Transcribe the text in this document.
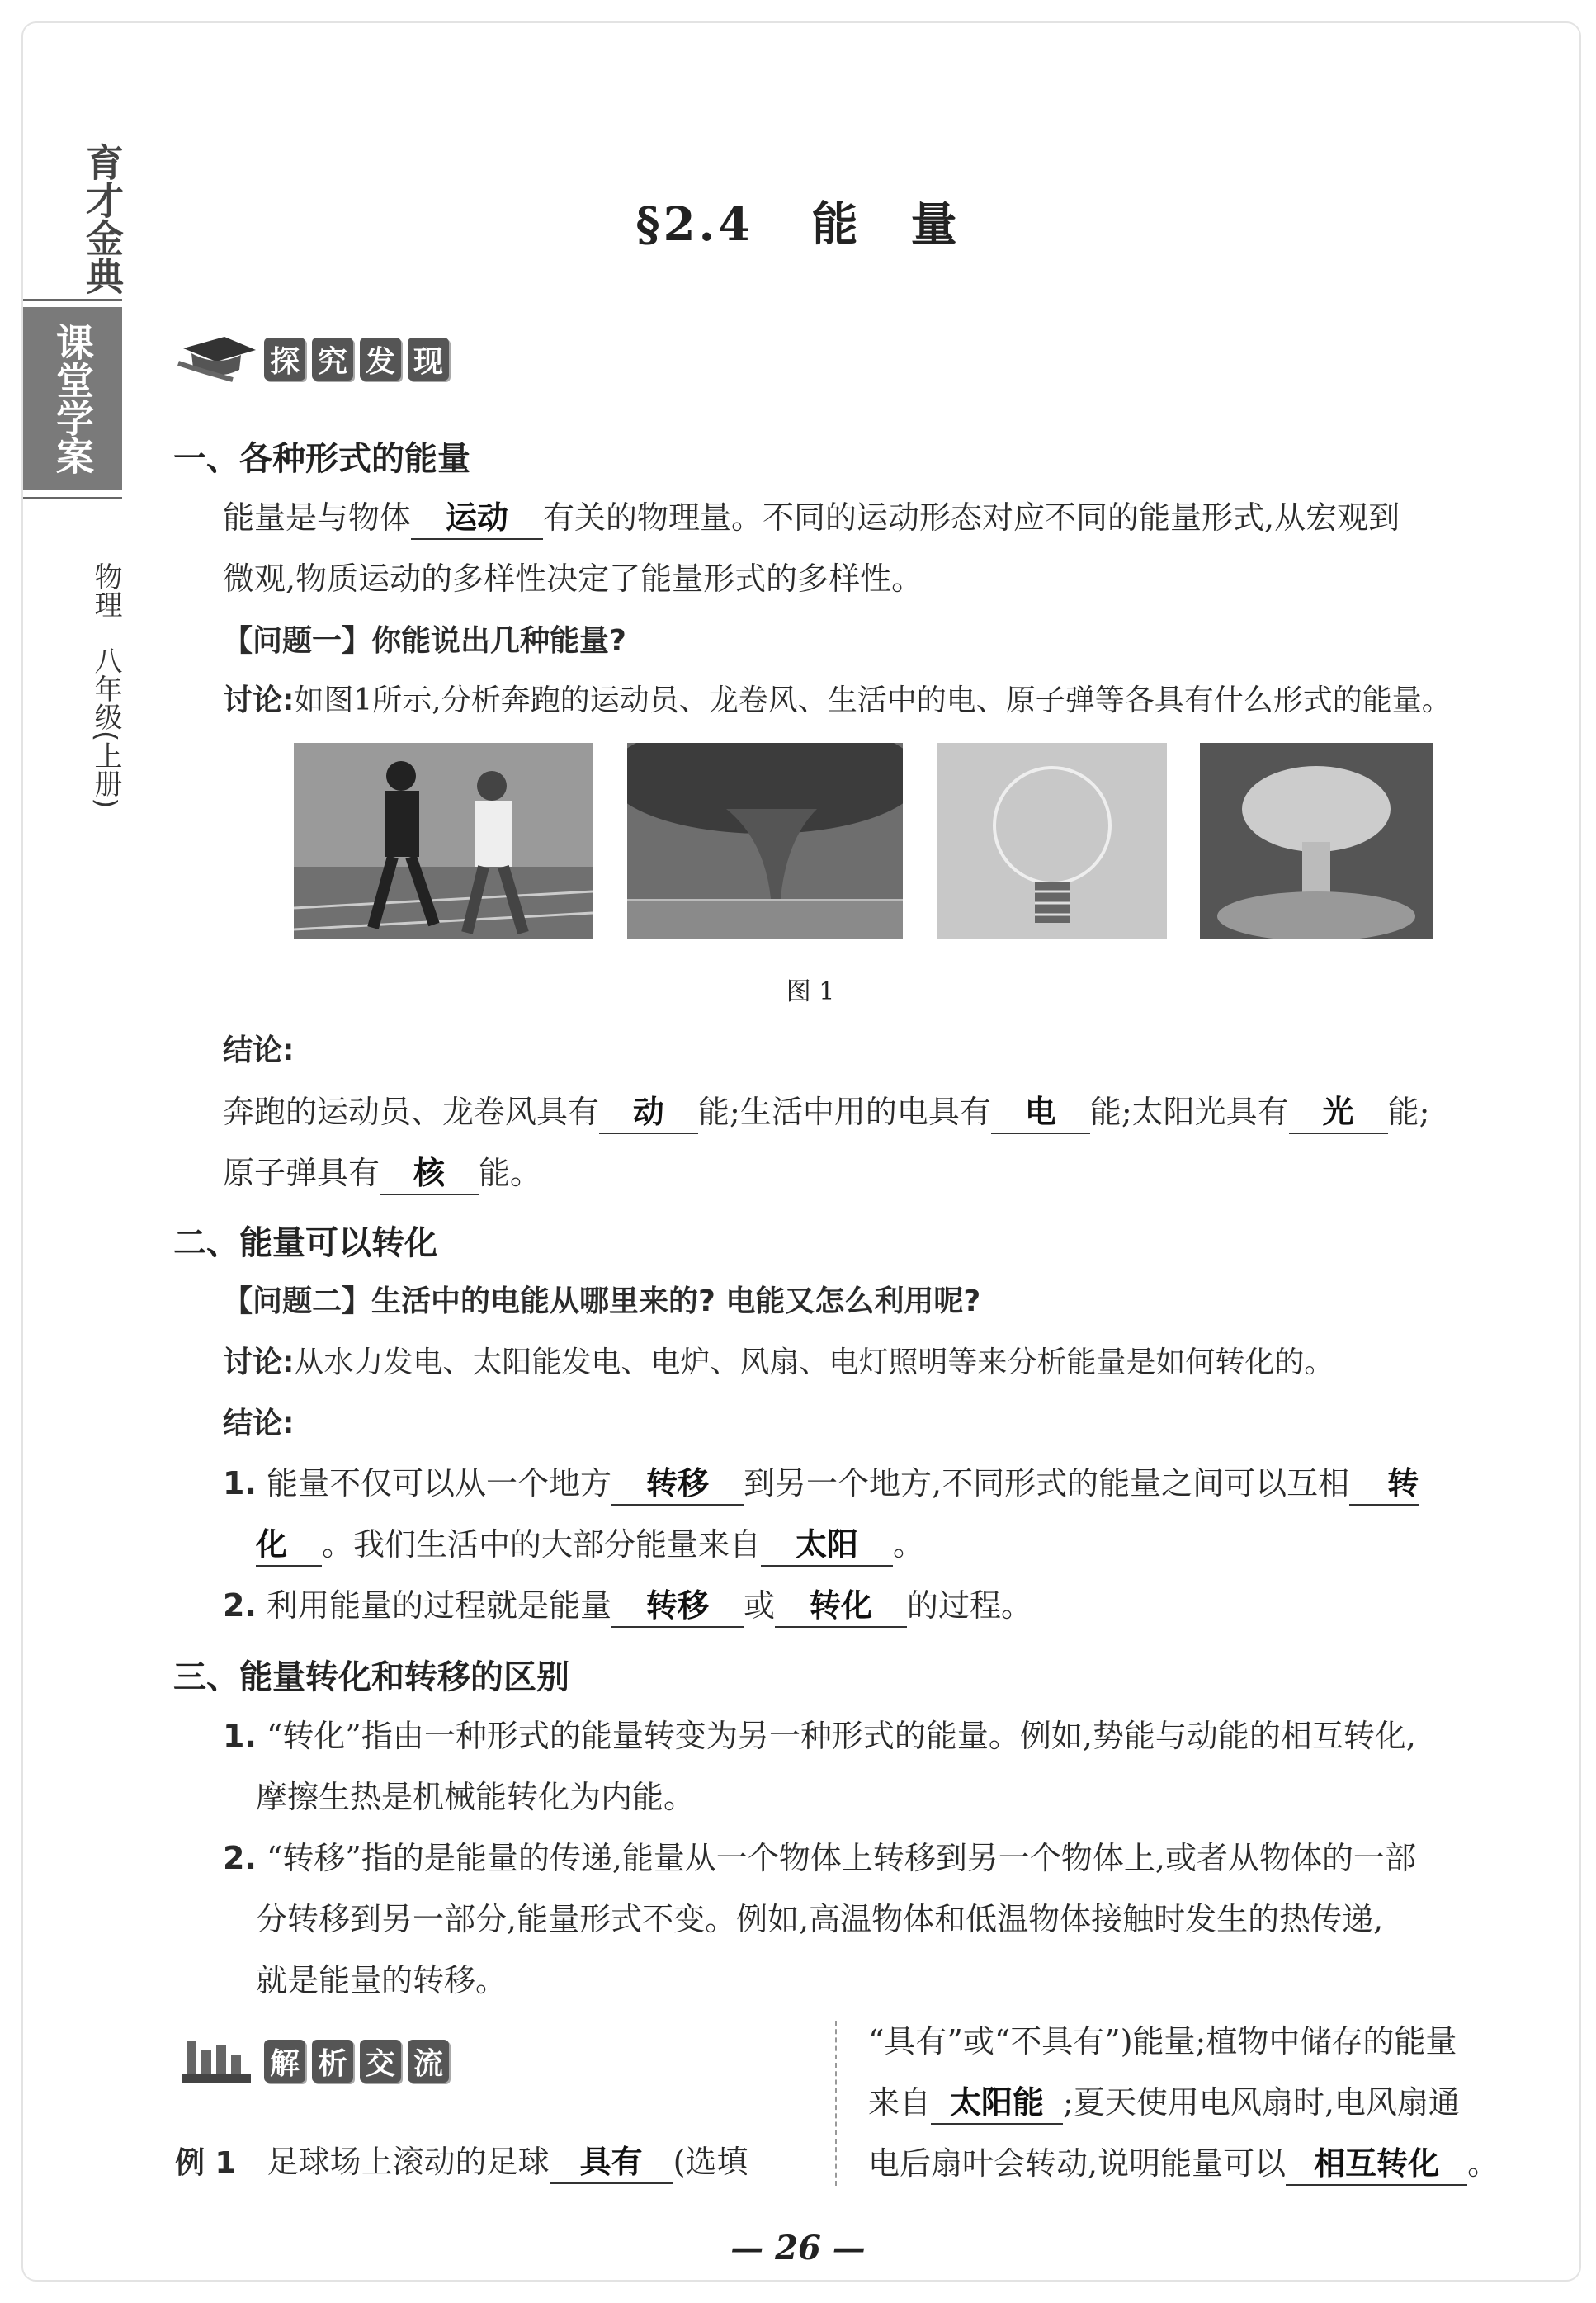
育才金典
课堂学案
物理　八年级(上册)
§2.4 能　量
探 究 发 现
一、各种形式的能量
能量是与物体 运动 有关的物理量。不同的运动形态对应不同的能量形式,从宏观到
微观,物质运动的多样性决定了能量形式的多样性。
【问题一】你能说出几种能量?
讨论:如图1所示,分析奔跑的运动员、龙卷风、生活中的电、原子弹等各具有什么形式的能量。
图 1
结论:
奔跑的运动员、龙卷风具有 动 能;生活中用的电具有 电 能;太阳光具有 光 能;
原子弹具有 核 能。
二、能量可以转化
【问题二】生活中的电能从哪里来的? 电能又怎么利用呢?
讨论:从水力发电、太阳能发电、电炉、风扇、电灯照明等来分析能量是如何转化的。
结论:
1. 能量不仅可以从一个地方 转移 到另一个地方,不同形式的能量之间可以互相 转
化 。我们生活中的大部分能量来自 太阳 。
2. 利用能量的过程就是能量 转移 或 转化 的过程。
三、能量转化和转移的区别
1. “转化”指由一种形式的能量转变为另一种形式的能量。例如,势能与动能的相互转化,
摩擦生热是机械能转化为内能。
2. “转移”指的是能量的传递,能量从一个物体上转移到另一个物体上,或者从物体的一部
分转移到另一部分,能量形式不变。例如,高温物体和低温物体接触时发生的热传递,
就是能量的转移。
解 析 交 流
例 1　 足球场上滚动的足球 具有 (选填
“具有”或“不具有”)能量;植物中储存的能量
来自 太阳能 ;夏天使用电风扇时,电风扇通
电后扇叶会转动,说明能量可以 相互转化 。
— 26 —
